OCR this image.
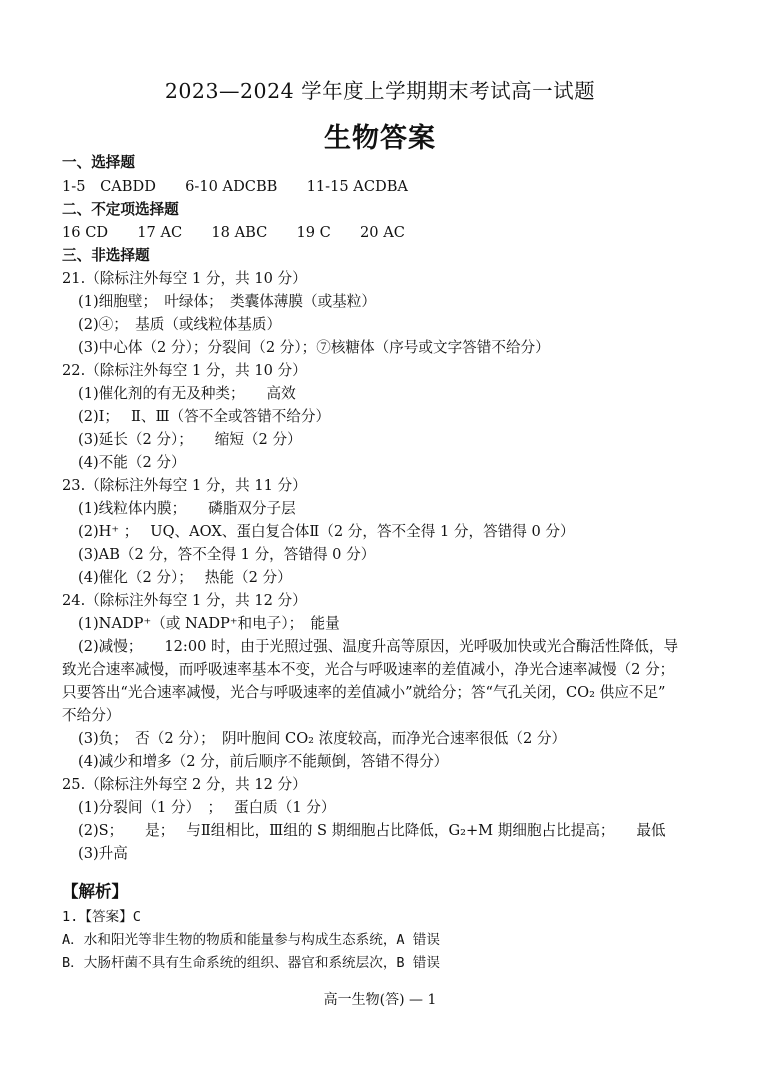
2023—2024 学年度上学期期末考试高一试题
生物答案
一、选择题
1-5　CABDD　　6-10 ADCBB　　11-15 ACDBA
二、不定项选择题
16 CD　　17 AC　　18 ABC　　19 C　　20 AC
三、非选择题
21.（除标注外每空 1 分，共 10 分）
(1)细胞壁；　叶绿体；　类囊体薄膜（或基粒）
(2)④；　基质（或线粒体基质）
(3)中心体（2 分）；分裂间（2 分）；⑦核糖体（序号或文字答错不给分）
22.（除标注外每空 1 分，共 10 分）
(1)催化剂的有无及种类；　　高效
(2)Ⅰ；　 Ⅱ、Ⅲ（答不全或答错不给分）
(3)延长（2 分）；　　缩短（2 分）
(4)不能（2 分）
23.（除标注外每空 1 分，共 11 分）
(1)线粒体内膜；　　磷脂双分子层
(2)H⁺ ；　 UQ、AOX、蛋白复合体Ⅱ（2 分，答不全得 1 分，答错得 0 分）
(3)AB（2 分，答不全得 1 分，答错得 0 分）
(4)催化（2 分）；　 热能（2 分）
24.（除标注外每空 1 分，共 12 分）
(1)NADP⁺（或 NADP⁺和电子）；　能量
(2)减慢；　　12:00 时，由于光照过强、温度升高等原因，光呼吸加快或光合酶活性降低，导
致光合速率减慢，而呼吸速率基本不变，光合与呼吸速率的差值减小，净光合速率减慢（2 分；
只要答出“光合速率减慢，光合与呼吸速率的差值减小”就给分；答“气孔关闭，CO₂ 供应不足”
不给分）
(3)负；　否（2 分）；　阴叶胞间 CO₂ 浓度较高，而净光合速率很低（2 分）
(4)减少和增多（2 分，前后顺序不能颠倒，答错不得分）
25.（除标注外每空 2 分，共 12 分）
(1)分裂间（1 分）　；　 蛋白质（1 分）
(2)S；　　是；　 与Ⅱ组相比，Ⅲ组的 S 期细胞占比降低，G₂+M 期细胞占比提高；　　最低
(3)升高
【解析】
1.【答案】C
A．水和阳光等非生物的物质和能量参与构成生态系统，A 错误
B．大肠杆菌不具有生命系统的组织、器官和系统层次，B 错误
高一生物(答) — 1
